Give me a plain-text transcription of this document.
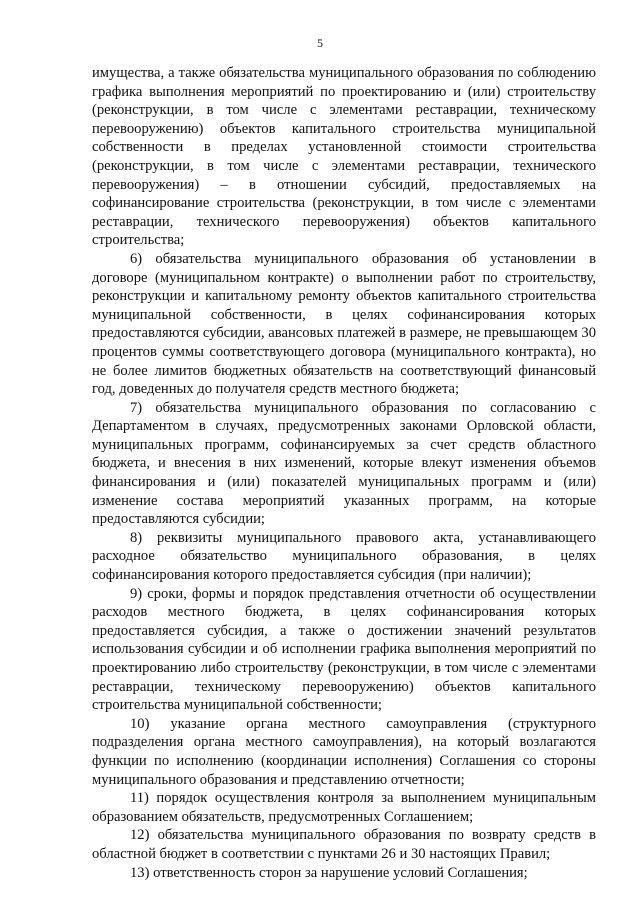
5

имущества, а также обязательства муниципального образования по соблюдению графика выполнения мероприятий по проектированию и (или) строительству (реконструкции, в том числе с элементами реставрации, техническому перевооружению) объектов капитального строительства муниципальной собственности в пределах установленной стоимости строительства (реконструкции, в том числе с элементами реставрации, технического перевооружения) – в отношении субсидий, предоставляемых на софинансирование строительства (реконструкции, в том числе с элементами реставрации, технического перевооружения) объектов капитального строительства;

6) обязательства муниципального образования об установлении в договоре (муниципальном контракте) о выполнении работ по строительству, реконструкции и капитальному ремонту объектов капитального строительства муниципальной собственности, в целях софинансирования которых предоставляются субсидии, авансовых платежей в размере, не превышающем 30 процентов суммы соответствующего договора (муниципального контракта), но не более лимитов бюджетных обязательств на соответствующий финансовый год, доведенных до получателя средств местного бюджета;

7) обязательства муниципального образования по согласованию с Департаментом в случаях, предусмотренных законами Орловской области, муниципальных программ, софинансируемых за счет средств областного бюджета, и внесения в них изменений, которые влекут изменения объемов финансирования и (или) показателей муниципальных программ и (или) изменение состава мероприятий указанных программ, на которые предоставляются субсидии;

8) реквизиты муниципального правового акта, устанавливающего расходное обязательство муниципального образования, в целях софинансирования которого предоставляется субсидия (при наличии);

9) сроки, формы и порядок представления отчетности об осуществлении расходов местного бюджета, в целях софинансирования которых предоставляется субсидия, а также о достижении значений результатов использования субсидии и об исполнении графика выполнения мероприятий по проектированию либо строительству (реконструкции, в том числе с элементами реставрации, техническому перевооружению) объектов капитального строительства муниципальной собственности;

10) указание органа местного самоуправления (структурного подразделения органа местного самоуправления), на который возлагаются функции по исполнению (координации исполнения) Соглашения со стороны муниципального образования и представлению отчетности;

11) порядок осуществления контроля за выполнением муниципальным образованием обязательств, предусмотренных Соглашением;

12) обязательства муниципального образования по возврату средств в областной бюджет в соответствии с пунктами 26 и 30 настоящих Правил;

13) ответственность сторон за нарушение условий Соглашения;
